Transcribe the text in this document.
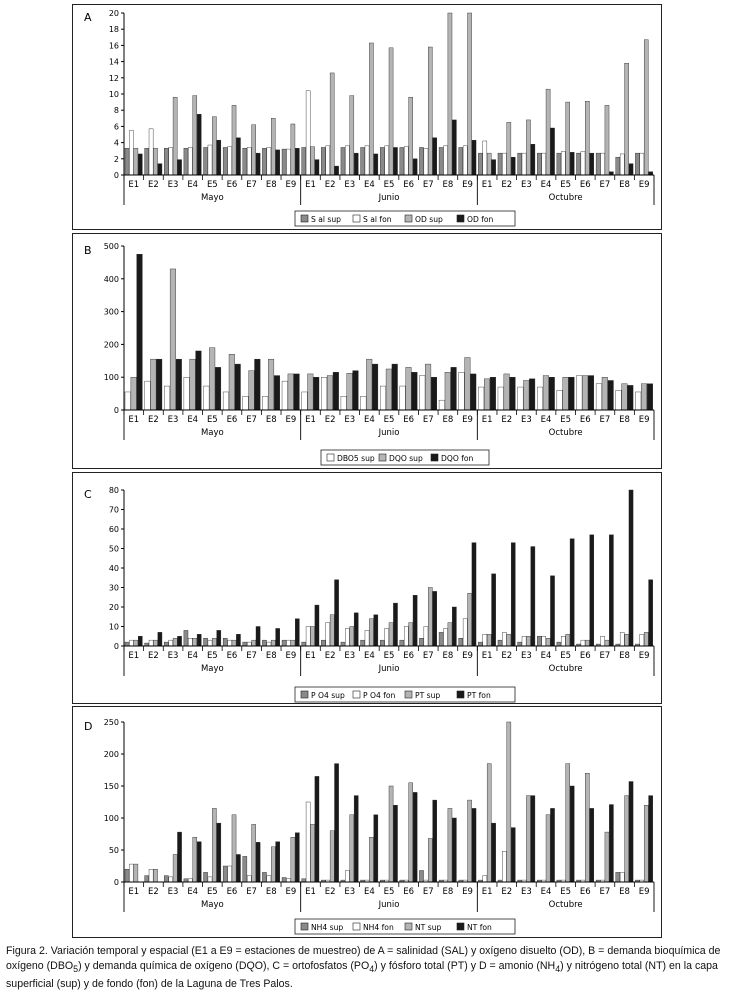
A
0
2
4
6
8
10
12
14
16
18
20
E1 E2 E3 E4 E5 E6 E7 E8 E9 E1 E2 E3 E4 E5 E6 E7 E8 E9 E1 E2 E3 E4 E5 E6 E7 E8 E9
Mayo	Junio	Octubre
S al sup	S al fon	OD sup	OD fon
B
0
100
200
300
400
500
E1 E2 E3 E4 E5 E6 E7 E8 E9 E1 E2 E3 E4 E5 E6 E7 E8 E9 E1 E2 E3 E4 E5 E6 E7 E8 E9
Mayo	Junio	Octubre
DBO5 sup DQO sup DQO fon
C
0
10
20
30
40
50
60
70
80
E1 E2 E3 E4 E5 E6 E7 E8 E9 E1 E2 E3 E4 E5 E6 E7 E8 E9 E1 E2 E3 E4 E5 E6 E7 E8 E9
Mayo	Junio	Octubre
P O4 sup P O4 fon	PT sup	PT fon
D
0
50
100
150
200
250
E1 E2 E3 E4 E5 E6 E7 E8 E9 E1 E2 E3 E4 E5 E6 E7 E8 E9 E1 E2 E3 E4 E5 E6 E7 E8 E9
Mayo	Junio	Octubre
NH4 sup	NH4 fon	NT sup	NT fon

Figura 2. Variación temporal y espacial (E1 a E9 = estaciones de muestreo) de A = salinidad (SAL) y oxígeno disuelto (OD), B = demanda bioquímica de oxígeno $(DBO_5)$ y demanda química de oxígeno (DQO), C = ortofosfatos $(PO_4)$ y fósforo total (PT) y D = amonio $(NH_4)$ y nitrógeno total (NT) en la capa superficial (sup) y de fondo (fon) de la Laguna de Tres Palos.
